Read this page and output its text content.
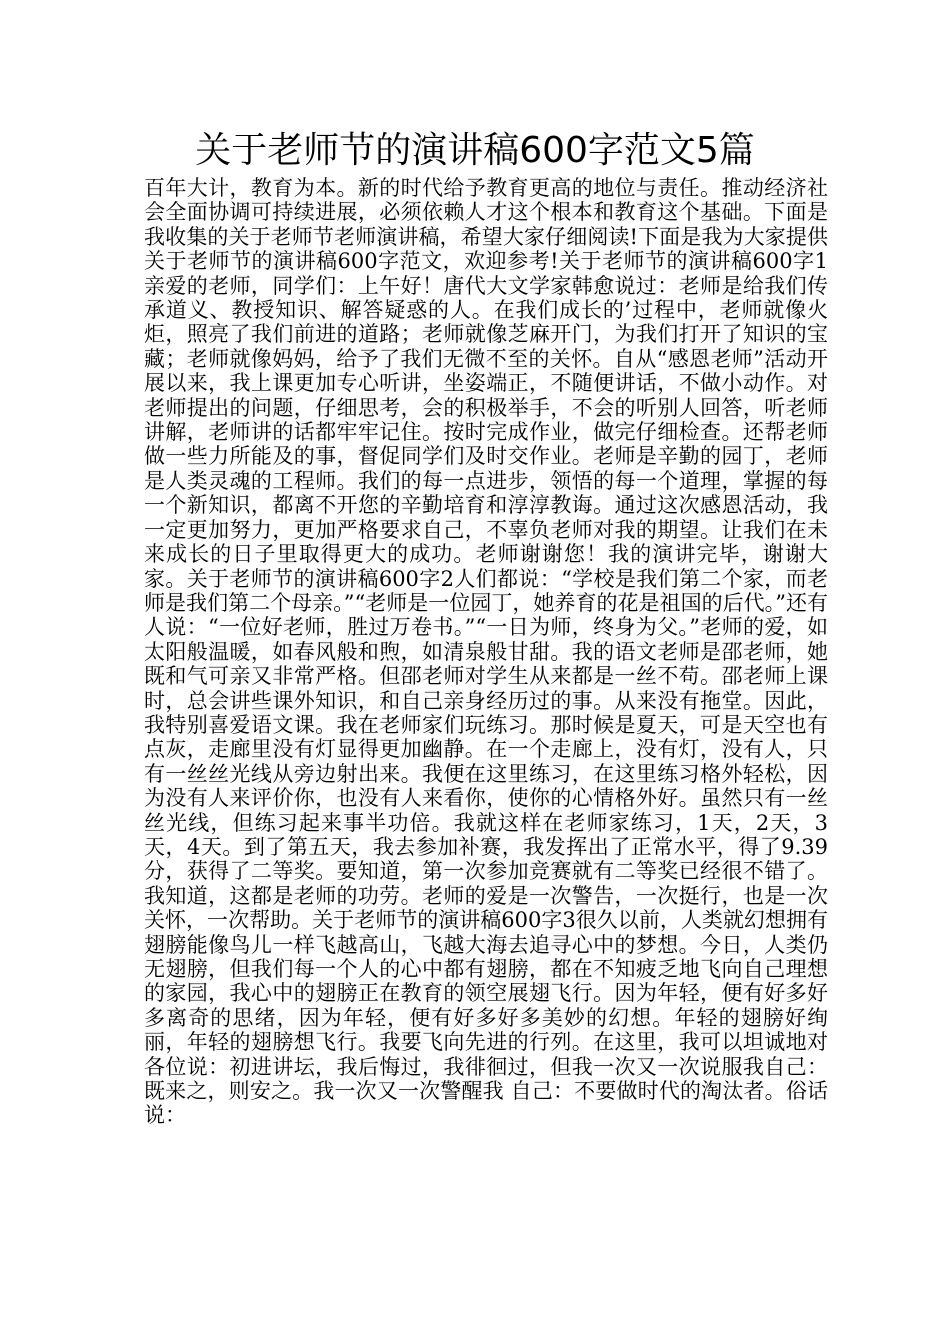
关于老师节的演讲稿600字范文5篇

百年大计，教育为本。新的时代给予教育更高的地位与责任。推动经济社会全面协调可持续进展，必须依赖人才这个根本和教育这个基础。下面是我收集的关于老师节老师演讲稿，希望大家仔细阅读!下面是我为大家提供关于老师节的演讲稿600字范文，欢迎参考!关于老师节的演讲稿600字1亲爱的老师，同学们：上午好！唐代大文学家韩愈说过：老师是给我们传承道义、教授知识、解答疑惑的人。在我们成长的’过程中，老师就像火炬，照亮了我们前进的道路；老师就像芝麻开门，为我们打开了知识的宝藏；老师就像妈妈，给予了我们无微不至的关怀。自从“感恩老师”活动开展以来，我上课更加专心听讲，坐姿端正，不随便讲话，不做小动作。对老师提出的问题，仔细思考，会的积极举手，不会的听别人回答，听老师讲解，老师讲的话都牢牢记住。按时完成作业，做完仔细检查。还帮老师做一些力所能及的事，督促同学们及时交作业。老师是辛勤的园丁，老师是人类灵魂的工程师。我们的每一点进步，领悟的每一个道理，掌握的每一个新知识，都离不开您的辛勤培育和淳淳教诲。通过这次感恩活动，我一定更加努力，更加严格要求自己，不辜负老师对我的期望。让我们在未来成长的日子里取得更大的成功。老师谢谢您！我的演讲完毕，谢谢大家。关于老师节的演讲稿600字2人们都说：“学校是我们第二个家，而老师是我们第二个母亲。”“老师是一位园丁，她养育的花是祖国的后代。”还有人说：“一位好老师，胜过万卷书。”“一日为师，终身为父。”老师的爱，如太阳般温暖，如春风般和煦，如清泉般甘甜。我的语文老师是邵老师，她既和气可亲又非常严格。但邵老师对学生从来都是一丝不苟。邵老师上课时，总会讲些课外知识，和自己亲身经历过的事。从来没有拖堂。因此，我特别喜爱语文课。我在老师家们玩练习。那时候是夏天，可是天空也有点灰，走廊里没有灯显得更加幽静。在一个走廊上，没有灯，没有人，只有一丝丝光线从旁边射出来。我便在这里练习，在这里练习格外轻松，因为没有人来评价你，也没有人来看你，使你的心情格外好。虽然只有一丝丝光线，但练习起来事半功倍。我就这样在老师家练习，1天，2天，3天，4天。到了第五天，我去参加补赛，我发挥出了正常水平，得了9.39分，获得了二等奖。要知道，第一次参加竞赛就有二等奖已经很不错了。我知道，这都是老师的功劳。老师的爱是一次警告，一次挺行，也是一次关怀，一次帮助。关于老师节的演讲稿600字3很久以前，人类就幻想拥有翅膀能像鸟儿一样飞越高山，飞越大海去追寻心中的梦想。今日，人类仍无翅膀，但我们每一个人的心中都有翅膀，都在不知疲乏地飞向自己理想的家园，我心中的翅膀正在教育的领空展翅飞行。因为年轻，便有好多好多离奇的思绪，因为年轻，便有好多好多美妙的幻想。年轻的翅膀好绚丽，年轻的翅膀想飞行。我要飞向先进的行列。在这里，我可以坦诚地对各位说：初进讲坛，我后悔过，我徘徊过，但我一次又一次说服我自己：既来之，则安之。我一次又一次警醒我 自己：不要做时代的淘汰者。俗话说：
